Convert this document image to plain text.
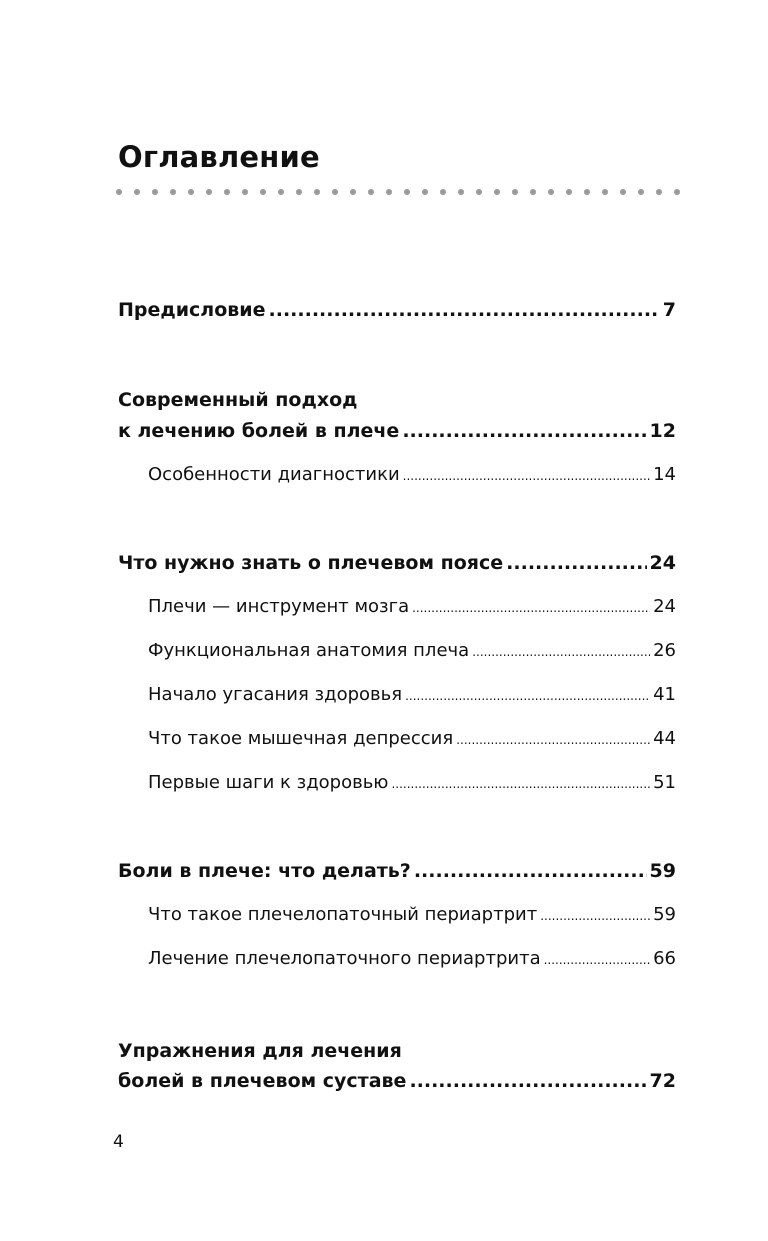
Оглавление
Предисловие .....	7
Современный подход
к лечению болей в плече .....	12
Особенности диагностики .....	14
Что нужно знать о плечевом поясе .....	24
Плечи — инструмент мозга .....	24
Функциональная анатомия плеча .....	26
Начало угасания здоровья .....	41
Что такое мышечная депрессия .....	44
Первые шаги к здоровью .....	51
Боли в плече: что делать? .....	59
Что такое плечелопаточный периартрит .....	59
Лечение плечелопаточного периартрита .....	66
Упражнения для лечения
болей в плечевом суставе .....	72
4
